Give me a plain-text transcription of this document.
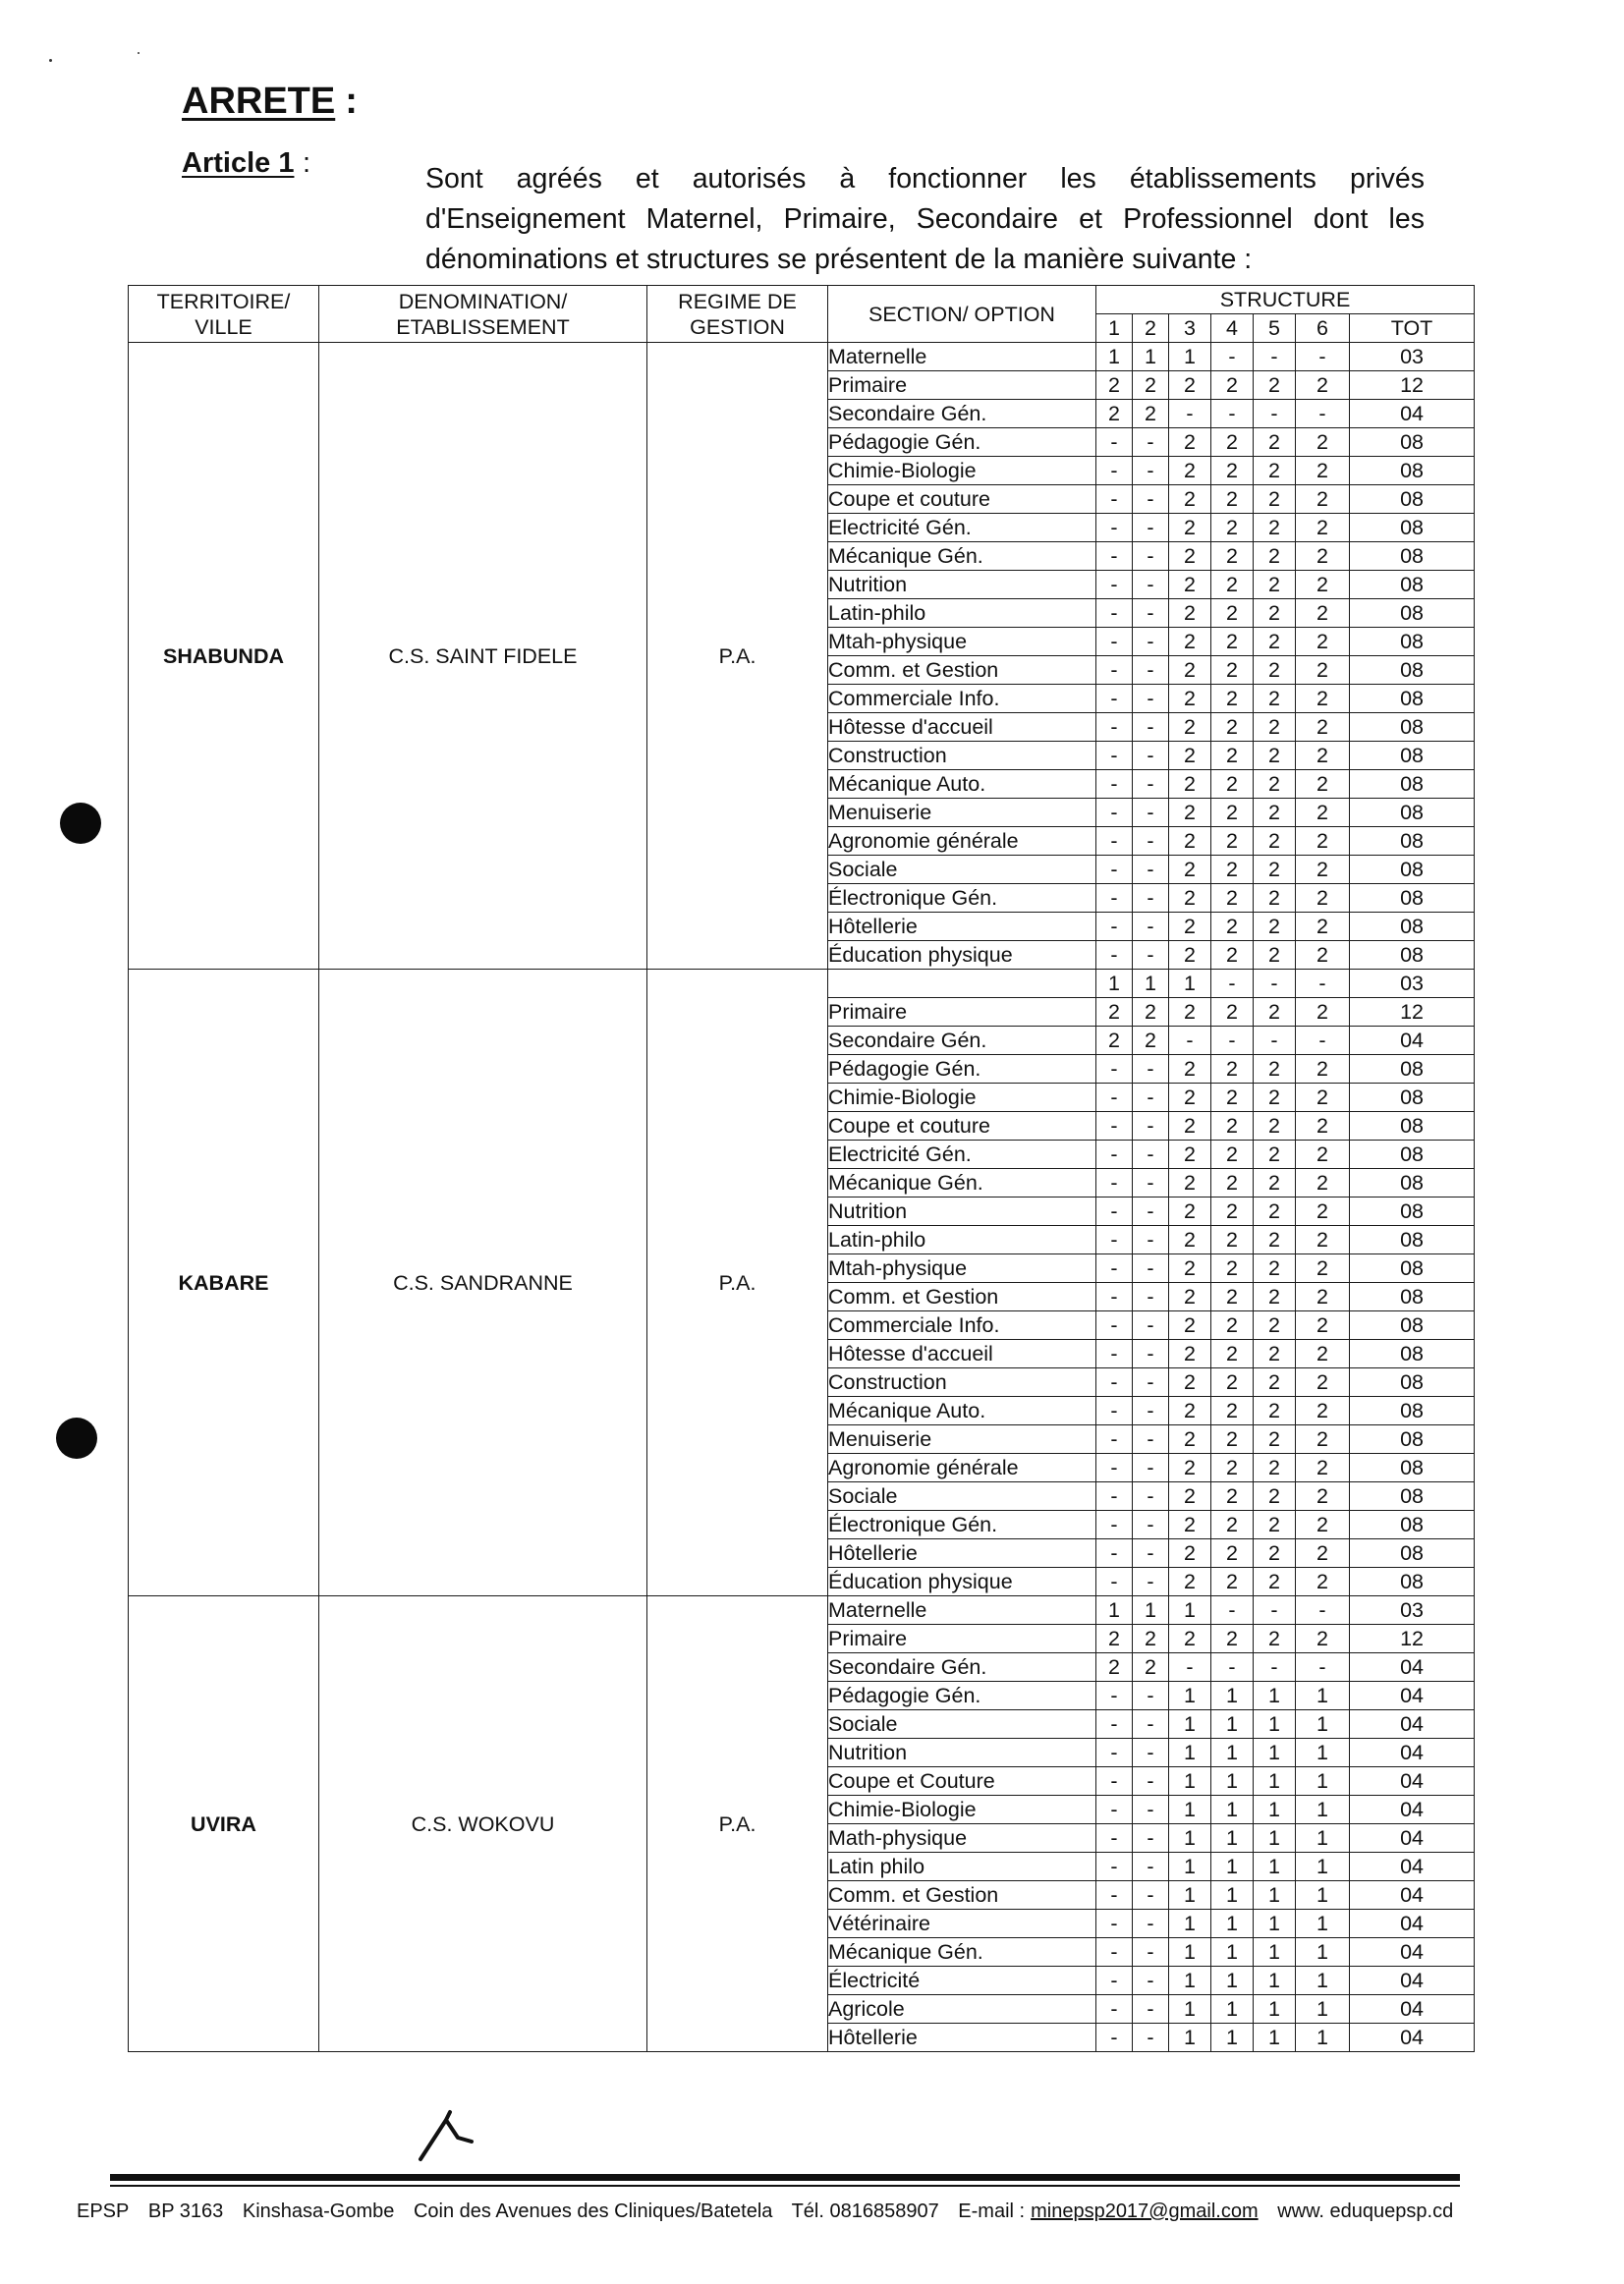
ARRETE :
Article 1 :	Sont agréés et autorisés à fonctionner les établissements privés d'Enseignement Maternel, Primaire, Secondaire et Professionnel dont les dénominations et structures se présentent de la manière suivante :
TERRITOIRE/ VILLE	DENOMINATION/ ETABLISSEMENT	REGIME DE GESTION	SECTION/ OPTION	STRUCTURE						
				1	2	3	4	5	6	TOT
SHABUNDA	C.S. SAINT FIDELE	P.A.	Maternelle	1	1	1	-	-	-	03
			Primaire	2	2	2	2	2	2	12
			Secondaire Gén.	2	2	-	-	-	-	04
			Pédagogie Gén.	-	-	2	2	2	2	08
			Chimie-Biologie	-	-	2	2	2	2	08
			Coupe et couture	-	-	2	2	2	2	08
			Electricité Gén.	-	-	2	2	2	2	08
			Mécanique Gén.	-	-	2	2	2	2	08
			Nutrition	-	-	2	2	2	2	08
			Latin-philo	-	-	2	2	2	2	08
			Mtah-physique	-	-	2	2	2	2	08
			Comm. et Gestion	-	-	2	2	2	2	08
			Commerciale Info.	-	-	2	2	2	2	08
			Hôtesse d'accueil	-	-	2	2	2	2	08
			Construction	-	-	2	2	2	2	08
			Mécanique Auto.	-	-	2	2	2	2	08
			Menuiserie	-	-	2	2	2	2	08
			Agronomie générale	-	-	2	2	2	2	08
			Sociale	-	-	2	2	2	2	08
			Électronique Gén.	-	-	2	2	2	2	08
			Hôtellerie	-	-	2	2	2	2	08
			Éducation physique	-	-	2	2	2	2	08
KABARE	C.S. SANDRANNE	P.A.		1	1	1	-	-	-	03
			Primaire	2	2	2	2	2	2	12
			Secondaire Gén.	2	2	-	-	-	-	04
			Pédagogie Gén.	-	-	2	2	2	2	08
			Chimie-Biologie	-	-	2	2	2	2	08
			Coupe et couture	-	-	2	2	2	2	08
			Electricité Gén.	-	-	2	2	2	2	08
			Mécanique Gén.	-	-	2	2	2	2	08
			Nutrition	-	-	2	2	2	2	08
			Latin-philo	-	-	2	2	2	2	08
			Mtah-physique	-	-	2	2	2	2	08
			Comm. et Gestion	-	-	2	2	2	2	08
			Commerciale Info.	-	-	2	2	2	2	08
			Hôtesse d'accueil	-	-	2	2	2	2	08
			Construction	-	-	2	2	2	2	08
			Mécanique Auto.	-	-	2	2	2	2	08
			Menuiserie	-	-	2	2	2	2	08
			Agronomie générale	-	-	2	2	2	2	08
			Sociale	-	-	2	2	2	2	08
			Électronique Gén.	-	-	2	2	2	2	08
			Hôtellerie	-	-	2	2	2	2	08
			Éducation physique	-	-	2	2	2	2	08
UVIRA	C.S. WOKOVU	P.A.	Maternelle	1	1	1	-	-	-	03
			Primaire	2	2	2	2	2	2	12
			Secondaire Gén.	2	2	-	-	-	-	04
			Pédagogie Gén.	-	-	1	1	1	1	04
			Sociale	-	-	1	1	1	1	04
			Nutrition	-	-	1	1	1	1	04
			Coupe et Couture	-	-	1	1	1	1	04
			Chimie-Biologie	-	-	1	1	1	1	04
			Math-physique	-	-	1	1	1	1	04
			Latin philo	-	-	1	1	1	1	04
			Comm. et Gestion	-	-	1	1	1	1	04
			Vétérinaire	-	-	1	1	1	1	04
			Mécanique Gén.	-	-	1	1	1	1	04
			Électricité	-	-	1	1	1	1	04
			Agricole	-	-	1	1	1	1	04
			Hôtellerie	-	-	1	1	1	1	04
EPSP BP 3163 Kinshasa-Gombe Coin des Avenues des Cliniques/Batetela Tél. 0816858907 E-mail : minepsp2017@gmail.com www. eduquepsp.cd
